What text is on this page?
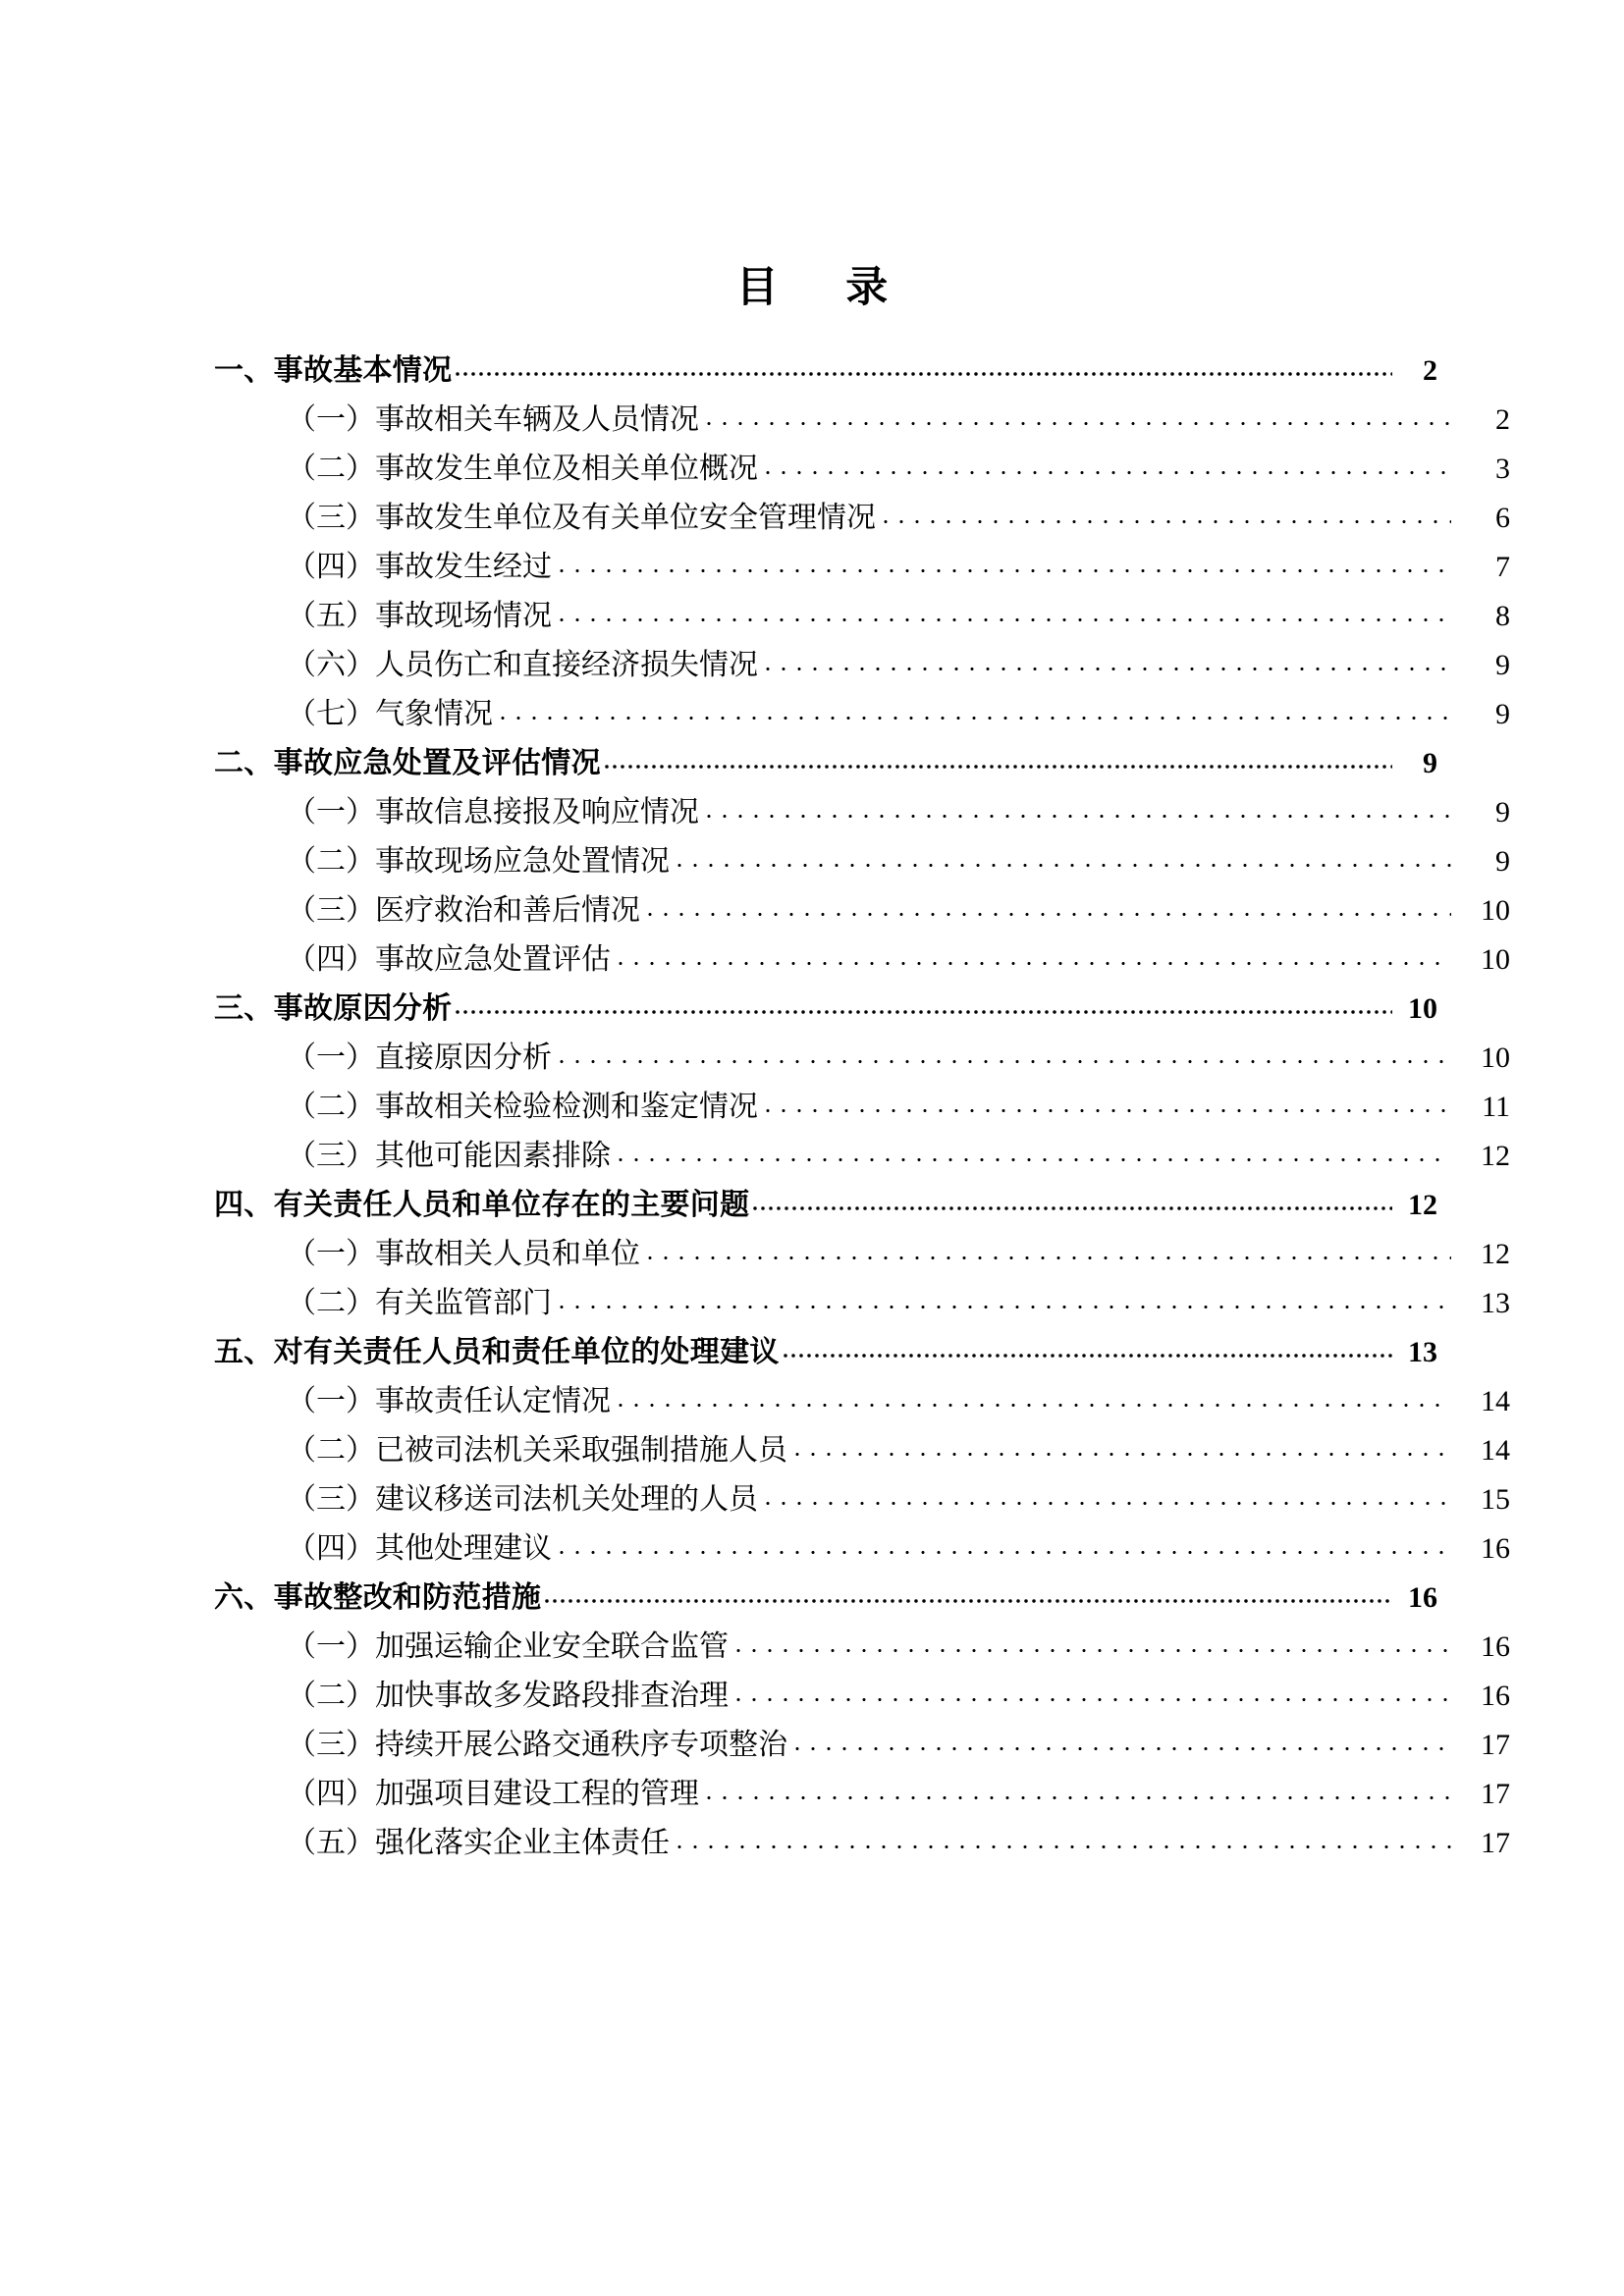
目  录
一、事故基本情况	2
（一）事故相关车辆及人员情况	2
（二）事故发生单位及相关单位概况	3
（三）事故发生单位及有关单位安全管理情况	6
（四）事故发生经过	7
（五）事故现场情况	8
（六）人员伤亡和直接经济损失情况	9
（七）气象情况	9
二、事故应急处置及评估情况	9
（一）事故信息接报及响应情况	9
（二）事故现场应急处置情况	9
（三）医疗救治和善后情况	10
（四）事故应急处置评估	10
三、事故原因分析	10
（一）直接原因分析	10
（二）事故相关检验检测和鉴定情况	11
（三）其他可能因素排除	12
四、有关责任人员和单位存在的主要问题	12
（一）事故相关人员和单位	12
（二）有关监管部门	13
五、对有关责任人员和责任单位的处理建议	13
（一）事故责任认定情况	14
（二）已被司法机关采取强制措施人员	14
（三）建议移送司法机关处理的人员	15
（四）其他处理建议	16
六、事故整改和防范措施	16
（一）加强运输企业安全联合监管	16
（二）加快事故多发路段排查治理	16
（三）持续开展公路交通秩序专项整治	17
（四）加强项目建设工程的管理	17
（五）强化落实企业主体责任	17
